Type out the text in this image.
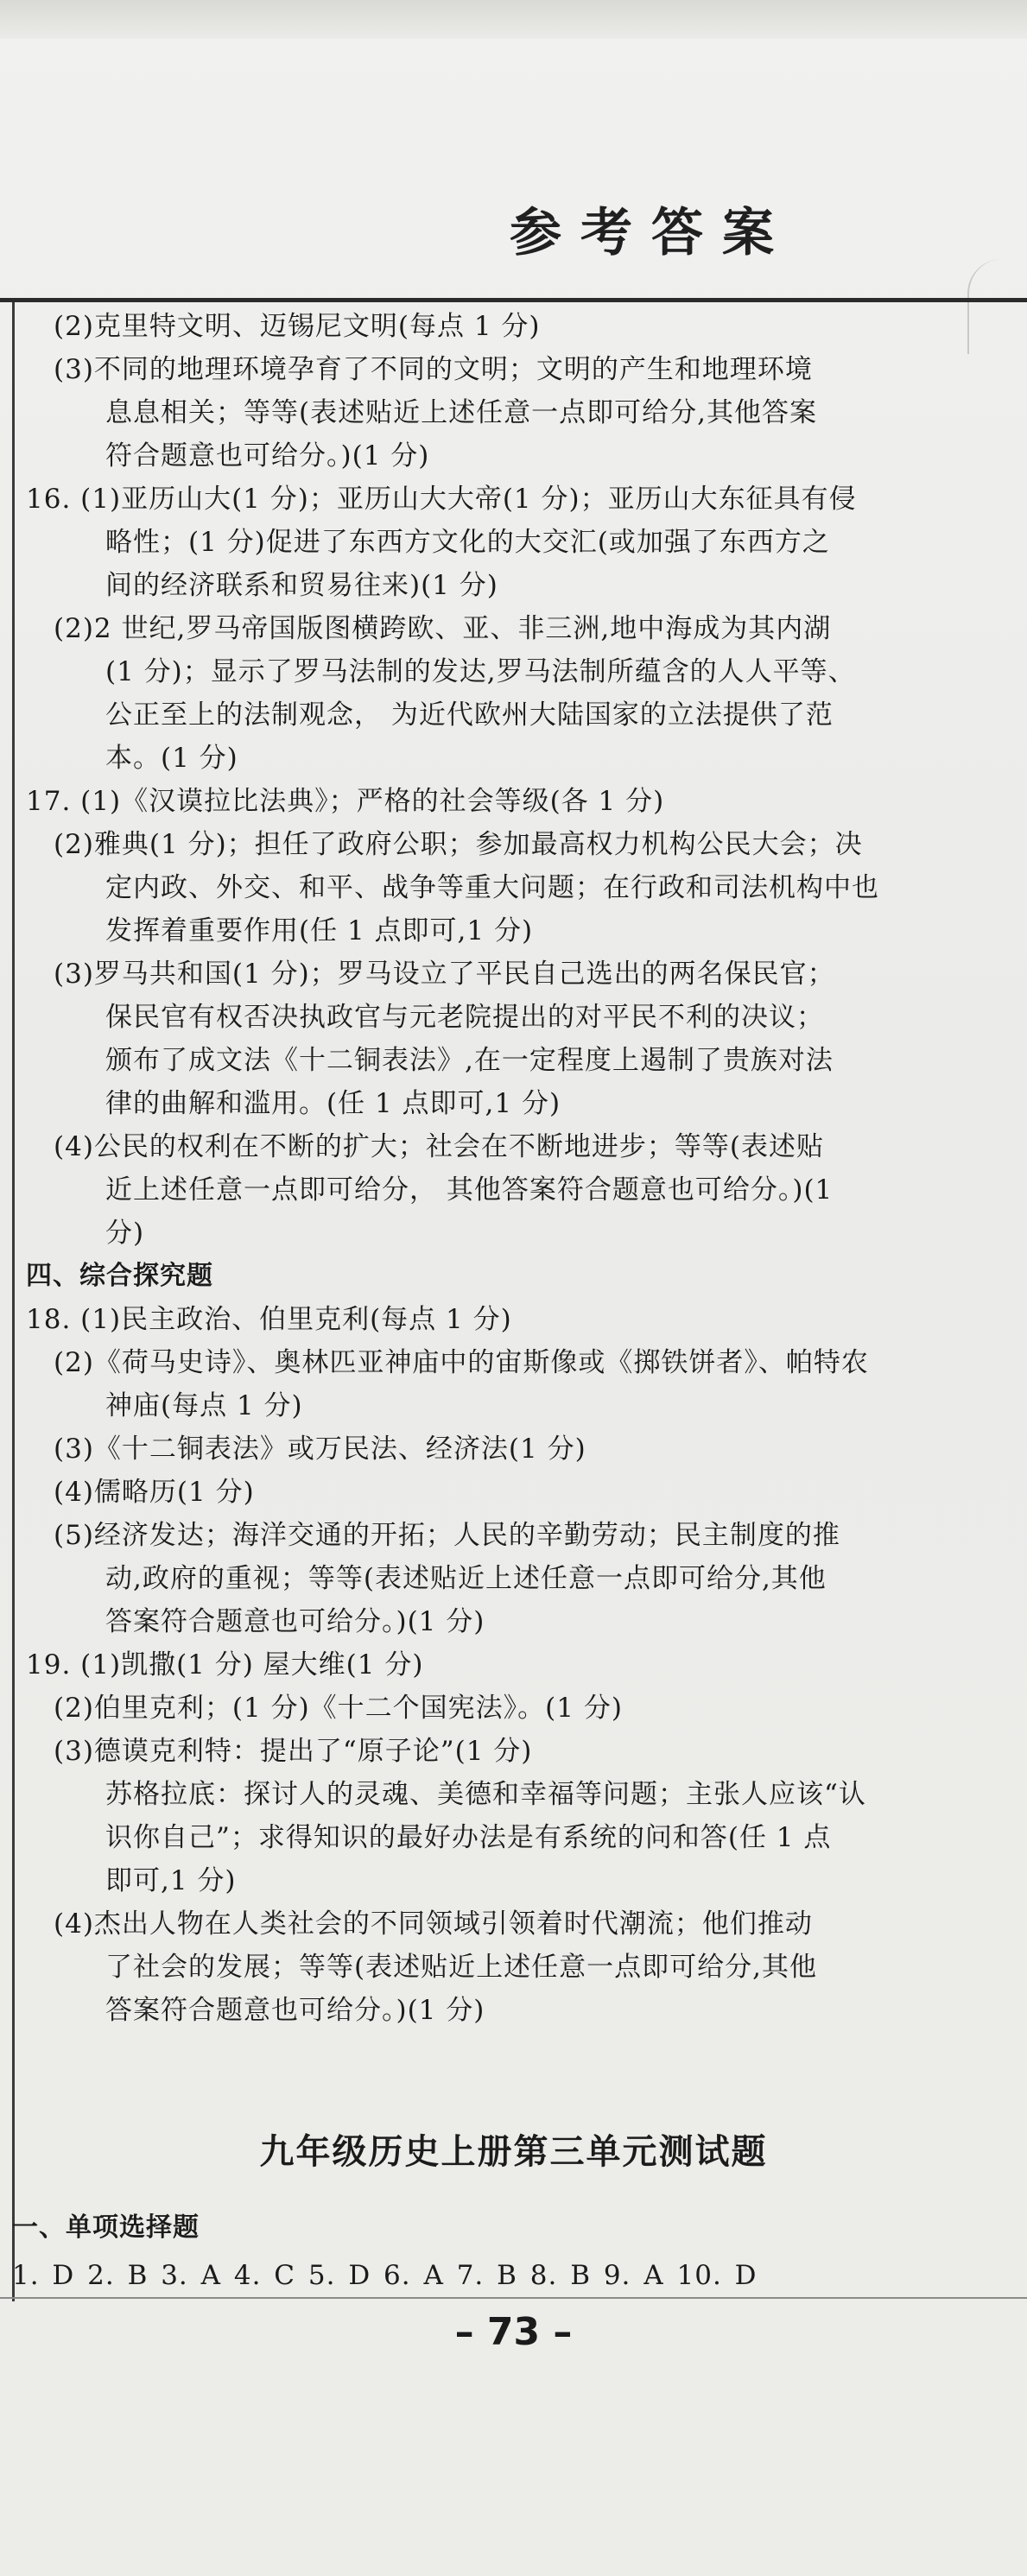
参考答案
(2)克里特文明、迈锡尼文明(每点 1 分)
(3)不同的地理环境孕育了不同的文明；文明的产生和地理环境
息息相关；等等(表述贴近上述任意一点即可给分,其他答案
符合题意也可给分。)(1 分)
16. (1)亚历山大(1 分)；亚历山大大帝(1 分)；亚历山大东征具有侵
略性；(1 分)促进了东西方文化的大交汇(或加强了东西方之
间的经济联系和贸易往来)(1 分)
(2)2 世纪,罗马帝国版图横跨欧、亚、非三洲,地中海成为其内湖
(1 分)；显示了罗马法制的发达,罗马法制所蕴含的人人平等、
公正至上的法制观念， 为近代欧州大陆国家的立法提供了范
本。(1 分)
17. (1)《汉谟拉比法典》；严格的社会等级(各 1 分)
(2)雅典(1 分)；担任了政府公职；参加最高权力机构公民大会；决
定内政、外交、和平、战争等重大问题；在行政和司法机构中也
发挥着重要作用(任 1 点即可,1 分)
(3)罗马共和国(1 分)；罗马设立了平民自己选出的两名保民官；
保民官有权否决执政官与元老院提出的对平民不利的决议；
颁布了成文法《十二铜表法》,在一定程度上遏制了贵族对法
律的曲解和滥用。(任 1 点即可,1 分)
(4)公民的权利在不断的扩大；社会在不断地进步；等等(表述贴
近上述任意一点即可给分， 其他答案符合题意也可给分。)(1
分)
四、综合探究题
18. (1)民主政治、伯里克利(每点 1 分)
(2)《荷马史诗》、奥林匹亚神庙中的宙斯像或《掷铁饼者》、帕特农
神庙(每点 1 分)
(3)《十二铜表法》或万民法、经济法(1 分)
(4)儒略历(1 分)
(5)经济发达；海洋交通的开拓；人民的辛勤劳动；民主制度的推
动,政府的重视；等等(表述贴近上述任意一点即可给分,其他
答案符合题意也可给分。)(1 分)
19. (1)凯撒(1 分) 屋大维(1 分)
(2)伯里克利；(1 分)《十二个国宪法》。(1 分)
(3)德谟克利特：提出了“原子论”(1 分)
苏格拉底：探讨人的灵魂、美德和幸福等问题；主张人应该“认
识你自己”；求得知识的最好办法是有系统的问和答(任 1 点
即可,1 分)
(4)杰出人物在人类社会的不同领域引领着时代潮流；他们推动
了社会的发展；等等(表述贴近上述任意一点即可给分,其他
答案符合题意也可给分。)(1 分)
九年级历史上册第三单元测试题
一、单项选择题
1. D 2. B 3. A 4. C 5. D 6. A 7. B 8. B 9. A 10. D
– 73 –
